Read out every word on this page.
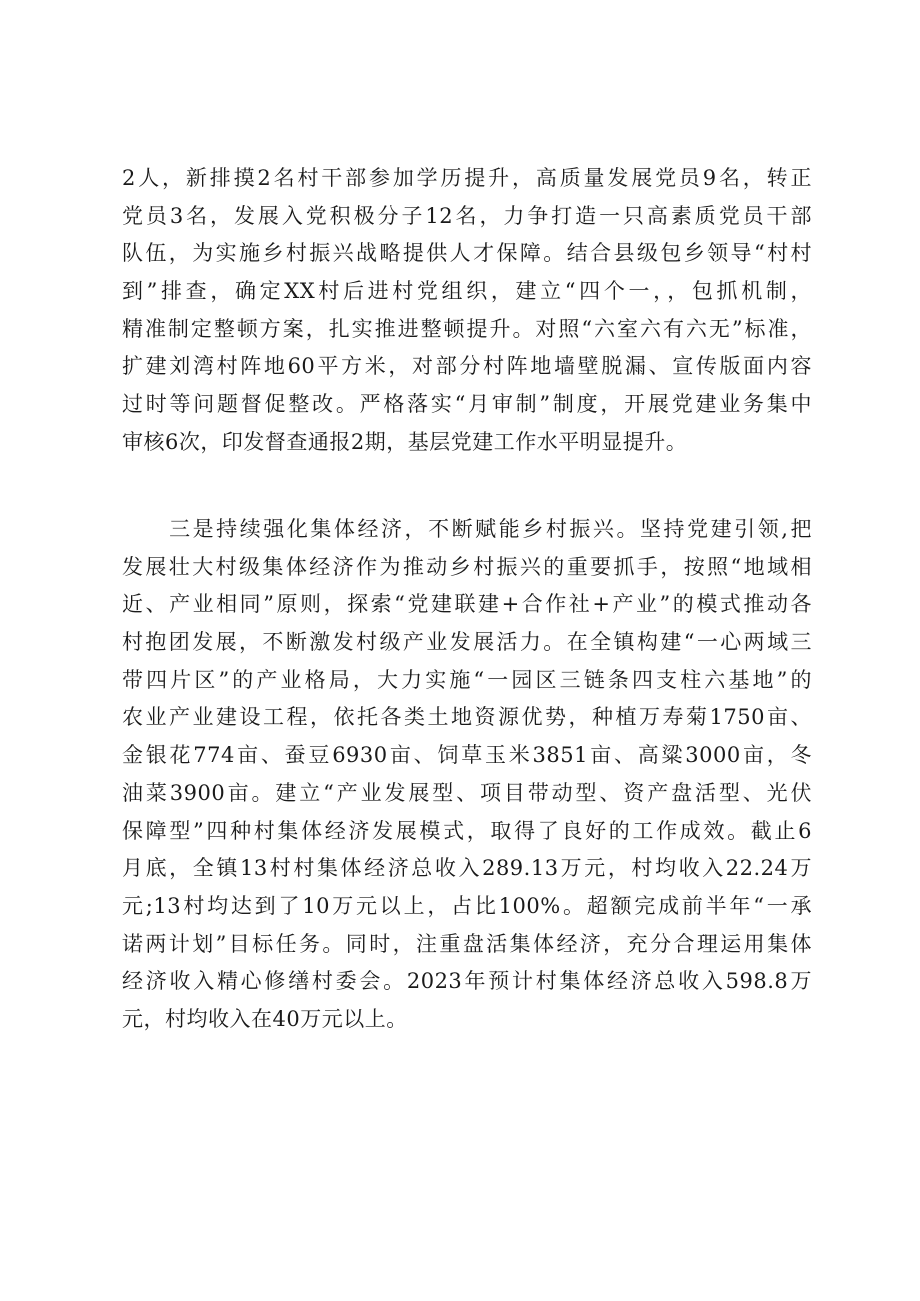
2人，新排摸2名村干部参加学历提升，高质量发展党员9名，转正
党员3名，发展入党积极分子12名，力争打造一只高素质党员干部
队伍，为实施乡村振兴战略提供人才保障。结合县级包乡领导“村村
到”排查，确定XX村后进村党组织，建立“四个一，，包抓机制，
精准制定整顿方案，扎实推进整顿提升。对照“六室六有六无”标准，
扩建刘湾村阵地60平方米，对部分村阵地墙壁脱漏、宣传版面内容
过时等问题督促整改。严格落实“月审制”制度，开展党建业务集中
审核6次，印发督查通报2期，基层党建工作水平明显提升。
　　三是持续强化集体经济，不断赋能乡村振兴。坚持党建引领,把
发展壮大村级集体经济作为推动乡村振兴的重要抓手，按照“地域相
近、产业相同”原则，探索“党建联建+合作社+产业”的模式推动各
村抱团发展，不断激发村级产业发展活力。在全镇构建“一心两域三
带四片区”的产业格局，大力实施“一园区三链条四支柱六基地”的
农业产业建设工程，依托各类土地资源优势，种植万寿菊1750亩、
金银花774亩、蚕豆6930亩、饲草玉米3851亩、高粱3000亩，冬
油菜3900亩。建立“产业发展型、项目带动型、资产盘活型、光伏
保障型”四种村集体经济发展模式，取得了良好的工作成效。截止6
月底，全镇13村村集体经济总收入289.13万元，村均收入22.24万
元;13村均达到了10万元以上，占比100%。超额完成前半年“一承
诺两计划”目标任务。同时，注重盘活集体经济，充分合理运用集体
经济收入精心修缮村委会。2023年预计村集体经济总收入598.8万
元，村均收入在40万元以上。
